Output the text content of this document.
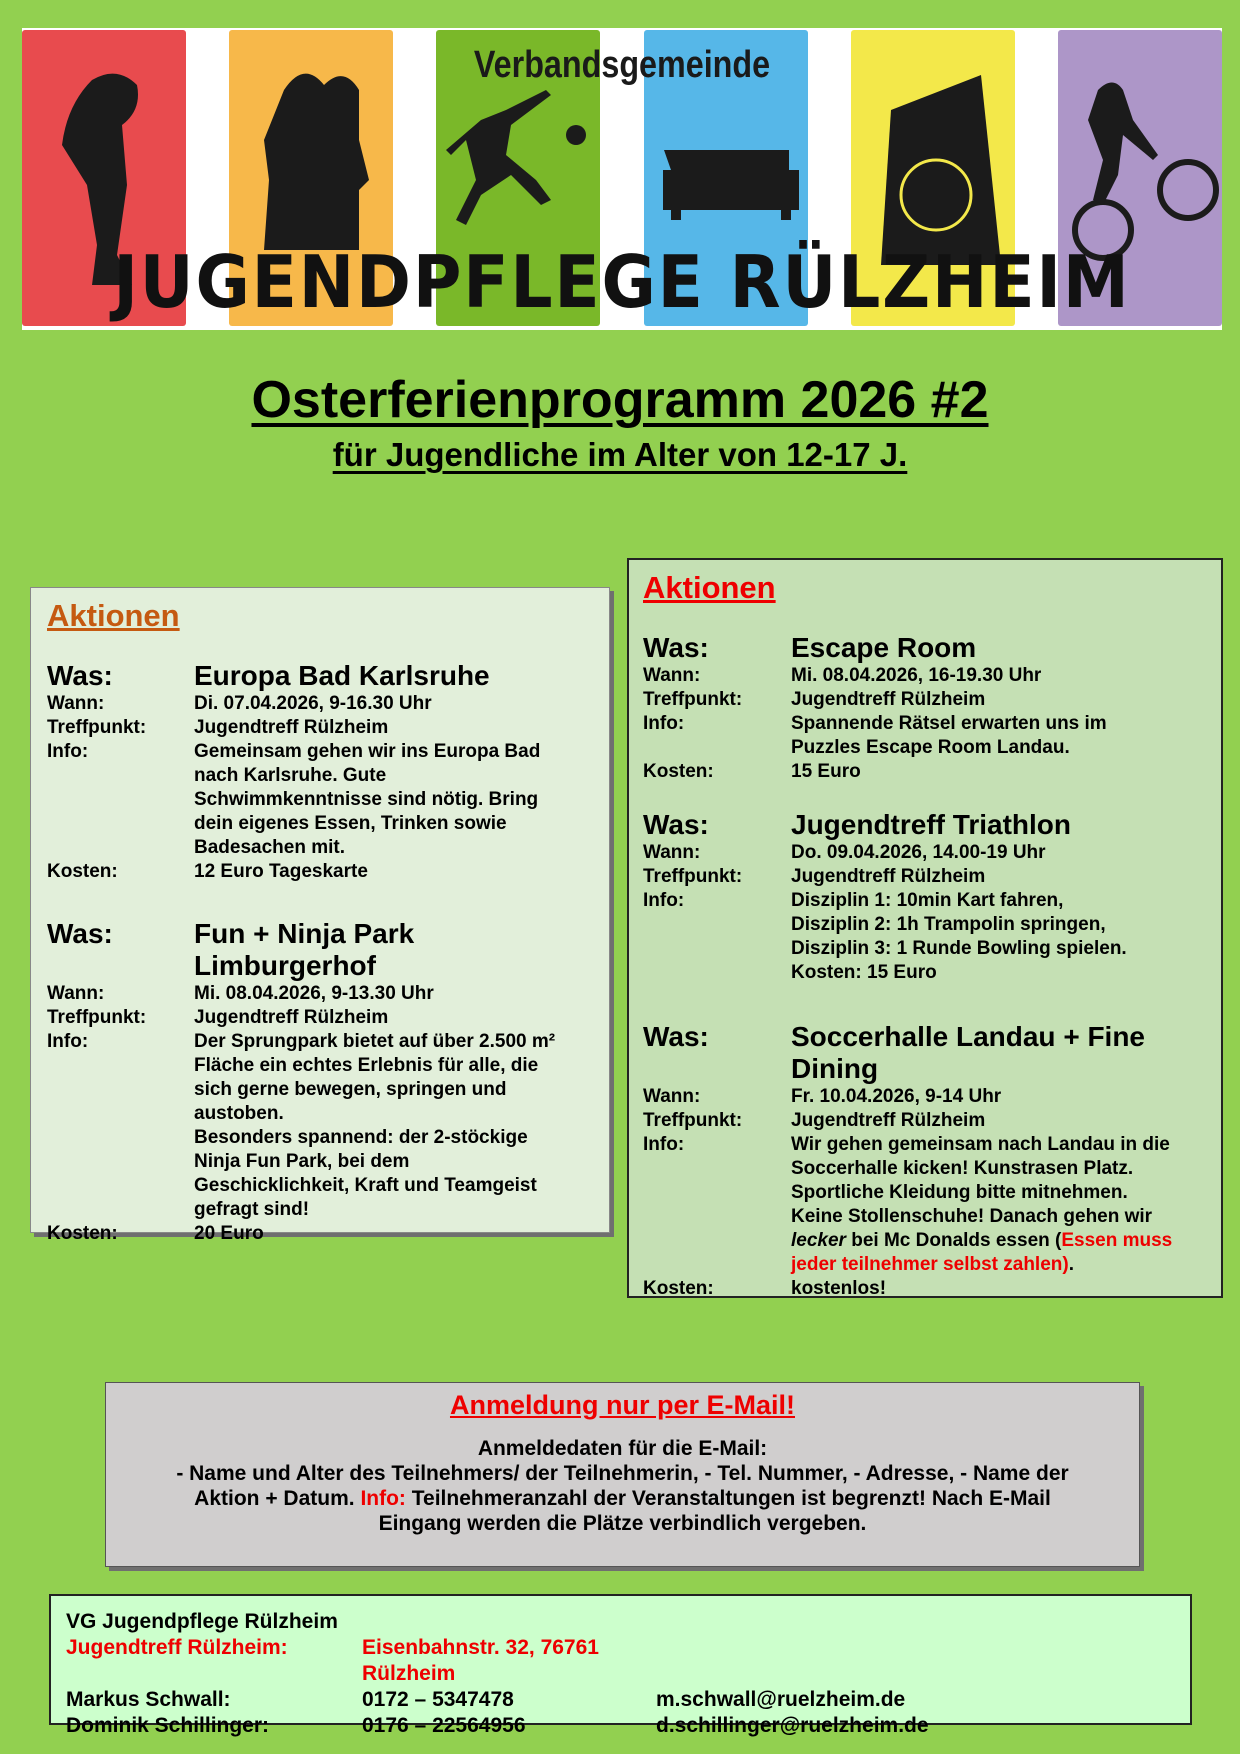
Verbandsgemeinde
JUGENDPFLEGE RÜLZHEIM
Osterferienprogramm 2026 #2
für Jugendliche im Alter von 12-17 J.
Aktionen
Was:	Europa Bad Karlsruhe
Wann:	Di. 07.04.2026, 9-16.30 Uhr
Treffpunkt:	Jugendtreff Rülzheim
Info:	Gemeinsam gehen wir ins Europa Bad
nach Karlsruhe. Gute
Schwimmkenntnisse sind nötig. Bring
dein eigenes Essen, Trinken sowie
Badesachen mit.
Kosten:	12 Euro Tageskarte
Was:	Fun + Ninja Park Limburgerhof
Wann:	Mi. 08.04.2026, 9-13.30 Uhr
Treffpunkt:	Jugendtreff Rülzheim
Info:	Der Sprungpark bietet auf über 2.500 m²
Fläche ein echtes Erlebnis für alle, die
sich gerne bewegen, springen und
austoben.
Besonders spannend: der 2-stöckige
Ninja Fun Park, bei dem
Geschicklichkeit, Kraft und Teamgeist
gefragt sind!
Kosten:	20 Euro
Aktionen
Was:	Escape Room
Wann:	Mi. 08.04.2026, 16-19.30 Uhr
Treffpunkt:	Jugendtreff Rülzheim
Info:	Spannende Rätsel erwarten uns im
Puzzles Escape Room Landau.
Kosten:	15 Euro
Was:	Jugendtreff Triathlon
Wann:	Do. 09.04.2026, 14.00-19 Uhr
Treffpunkt:	Jugendtreff Rülzheim
Info:	Disziplin 1: 10min Kart fahren,
Disziplin 2: 1h Trampolin springen,
Disziplin 3: 1 Runde Bowling spielen.
Kosten: 15 Euro
Was:	Soccerhalle Landau + Fine Dining
Wann:	Fr. 10.04.2026, 9-14 Uhr
Treffpunkt:	Jugendtreff Rülzheim
Info:	Wir gehen gemeinsam nach Landau in die
Soccerhalle kicken! Kunstrasen Platz.
Sportliche Kleidung bitte mitnehmen.
Keine Stollenschuhe! Danach gehen wir
lecker bei Mc Donalds essen (Essen muss
jeder teilnehmer selbst zahlen).
Kosten:	kostenlos!
Anmeldung nur per E-Mail!
Anmeldedaten für die E-Mail:
- Name und Alter des Teilnehmers/ der Teilnehmerin, - Tel. Nummer, - Adresse, - Name der
Aktion + Datum. Info: Teilnehmeranzahl der Veranstaltungen ist begrenzt! Nach E-Mail
Eingang werden die Plätze verbindlich vergeben.
VG Jugendpflege Rülzheim
Jugendtreff Rülzheim:	Eisenbahnstr. 32, 76761 Rülzheim
Markus Schwall:	0172 – 5347478	m.schwall@ruelzheim.de
Dominik Schillinger:	0176 – 22564956	d.schillinger@ruelzheim.de
